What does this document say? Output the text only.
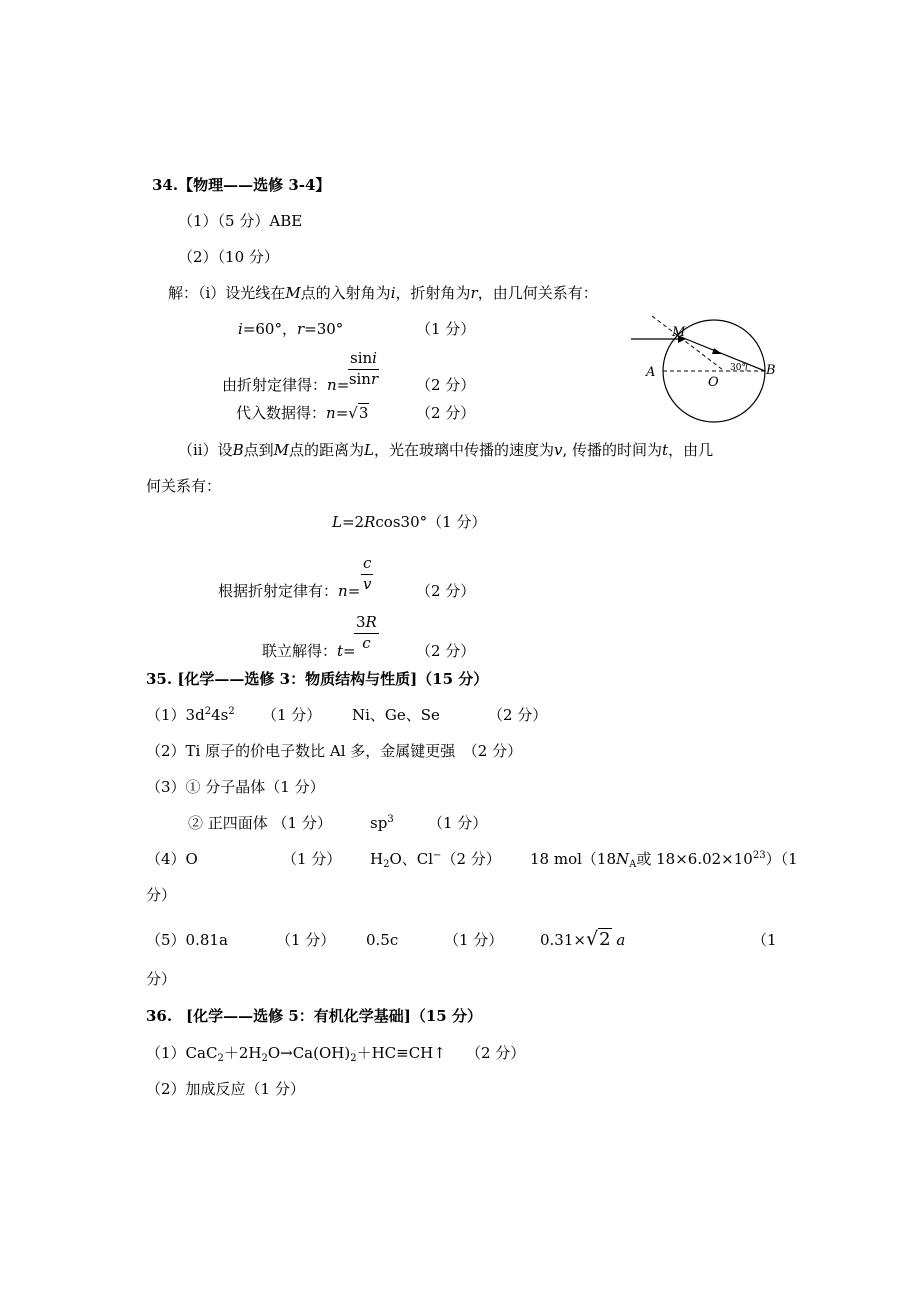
34.【物理——选修 3-4】
（1）（5 分）ABE
（2）（10 分）
解：（i）设光线在M点的入射角为i，折射角为r，由几何关系有：
i=60°，r=30°	（1 分）
由折射定律得：n=
$\frac{\sin i}{\sin r} (2$ 分）
代入数据得：n=√3	（2 分）
M
A
O
B
30°
（ii）设B点到M点的距离为L，光在玻璃中传播的速度为v, 传播的时间为t，由几
何关系有：
L=2Rcos30°（1 分）
根据折射定律有：$n= \frac{c}{v}$	（2 分）
联立解得：t=
$\frac{3R}{c} (2$ 分）
35. [化学——选修 3：物质结构与性质]（15 分）
$(1)3d^24s^2$ （1 分） Ni、Ge、Se	（2 分）
（2）Ti 原子的价电子数比 Al 多，金属键更强　（2 分）
（3）① 分子晶体（1 分）
② 正四面体 （1 分）	$sp^3$ （1 分）
（4）O	（1 分） $H_2O$、Cl−（2 分） 18 $mol(18N_A$或 $18\times 6.02\times 10^{23})(1$
分）
（5）0.81a	（1 分） 0.5c	（1 分） 0.31×√2 a	（1
分）
36. [化学——选修 5：有机化学基础]（15 分）
$(1)CaC_2+2H_2O\to Ca(OH)_2+HC\equiv CH↑$ （2 分）
（2）加成反应（1 分）
